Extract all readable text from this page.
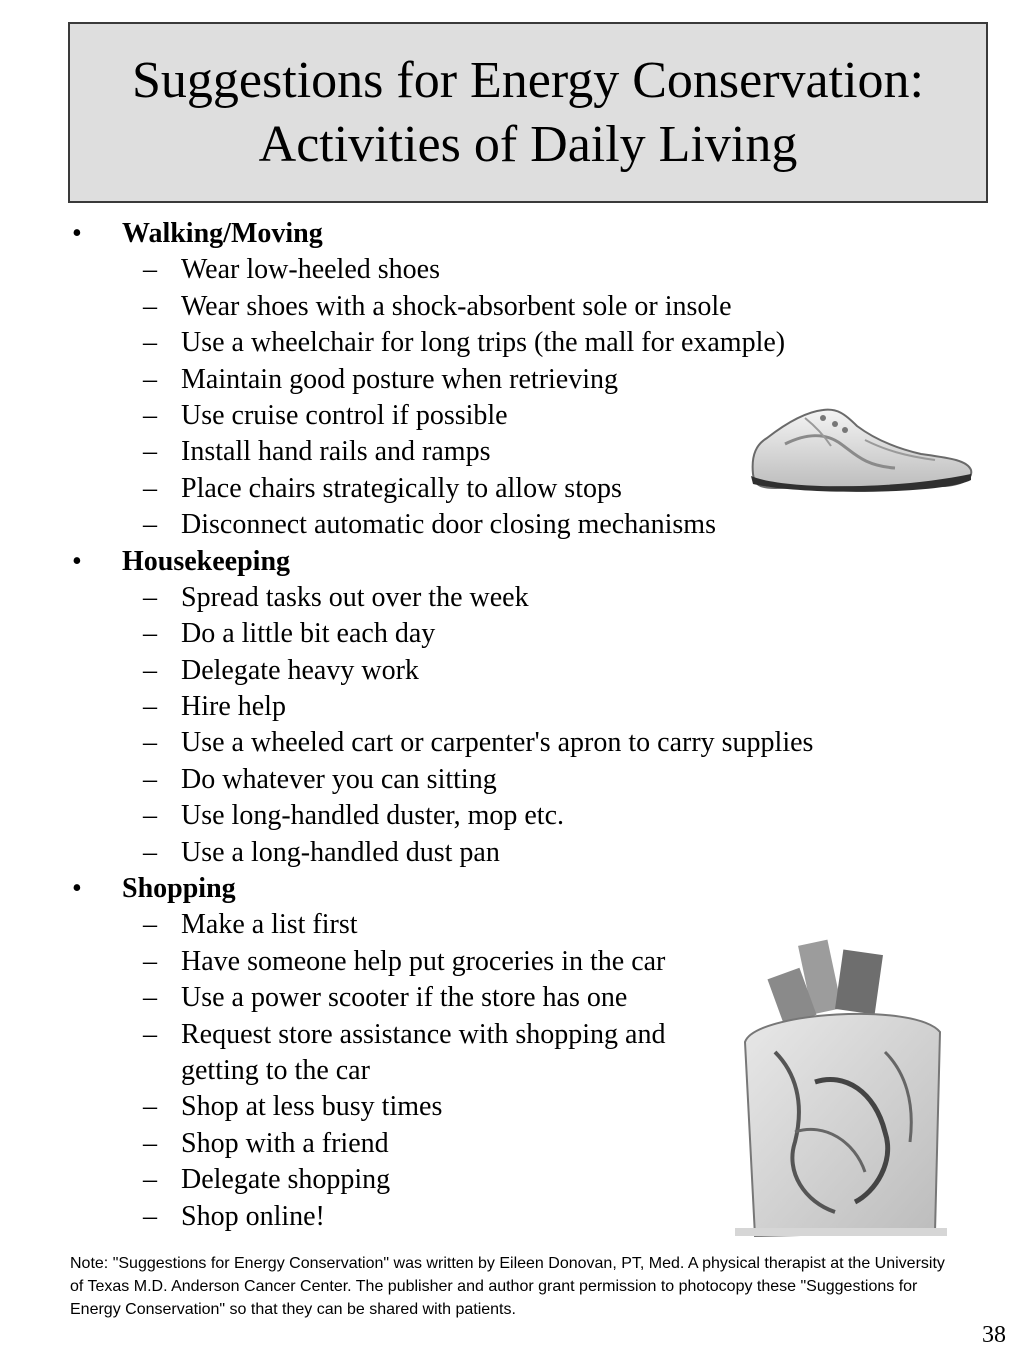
Suggestions for Energy Conservation:
Activities of Daily Living
• Walking/Moving
– Wear low-heeled shoes
– Wear shoes with a shock-absorbent sole or insole
– Use a wheelchair for long trips (the mall for example)
– Maintain good posture when retrieving
– Use cruise control if possible
– Install hand rails and ramps
– Place chairs strategically to allow stops
– Disconnect automatic door closing mechanisms
• Housekeeping
– Spread tasks out over the week
– Do a little bit each day
– Delegate heavy work
– Hire help
– Use a wheeled cart or carpenter's apron to carry supplies
– Do whatever you can sitting
– Use long-handled duster, mop etc.
– Use a long-handled dust pan
• Shopping
– Make a list first
– Have someone help put groceries in the car
– Use a power scooter if the store has one
– Request store assistance with shopping and
getting to the car
– Shop at less busy times
– Shop with a friend
– Delegate shopping
– Shop online!
Note: "Suggestions for Energy Conservation" was written by Eileen Donovan, PT, Med. A physical therapist at the University of Texas M.D. Anderson Cancer Center. The publisher and author grant permission to photocopy these "Suggestions for Energy Conservation" so that they can be shared with patients.
38
